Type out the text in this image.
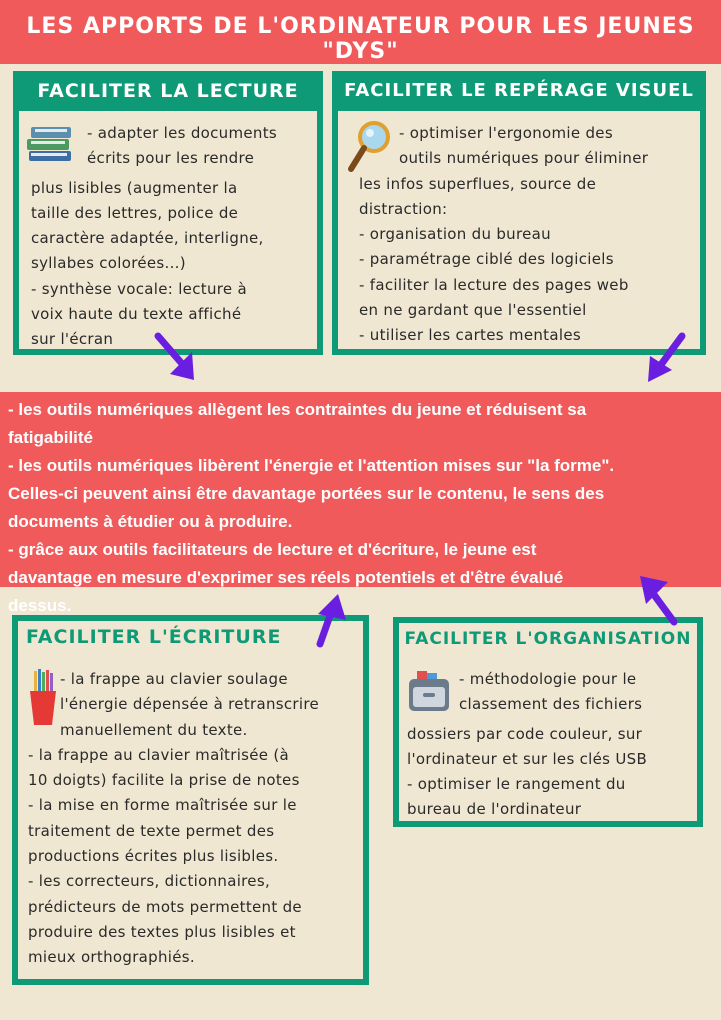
LES APPORTS DE L'ORDINATEUR POUR LES JEUNES "DYS"
FACILITER LA LECTURE

- adapter les documents

écrits pour les rendre

plus lisibles (augmenter la

taille des lettres, police de

caractère adaptée, interligne,

syllabes colorées...)

- synthèse vocale: lecture à

voix haute du texte affiché

sur l'écran

FACILITER LE REPÉRAGE VISUEL

- optimiser l'ergonomie des

outils numériques pour éliminer

les infos superflues, source de

distraction:

- organisation du bureau

- paramétrage ciblé des logiciels

- faciliter la lecture des pages web

en ne gardant que l'essentiel

- utiliser les cartes mentales

- les outils numériques allègent les contraintes du jeune et réduisent sa

fatigabilité

- les outils numériques libèrent l'énergie et l'attention mises sur "la forme".

Celles-ci peuvent ainsi être davantage portées sur le contenu, le sens des

documents à étudier ou à produire.

- grâce aux outils facilitateurs de lecture et d'écriture, le jeune est

davantage en mesure d'exprimer ses réels potentiels et d'être évalué

dessus.

FACILITER L'ÉCRITURE

- la frappe au clavier soulage

l'énergie dépensée à retranscrire

manuellement du texte.

- la frappe au clavier maîtrisée (à

10 doigts) facilite la prise de notes

- la mise en forme maîtrisée sur le

traitement de texte permet des

productions écrites plus lisibles.

- les correcteurs, dictionnaires,

prédicteurs de mots permettent de

produire des textes plus lisibles et

mieux orthographiés.

FACILITER L'ORGANISATION

- méthodologie pour le

classement des fichiers

dossiers par code couleur, sur

l'ordinateur et sur les clés USB

- optimiser le rangement du

bureau de l'ordinateur
